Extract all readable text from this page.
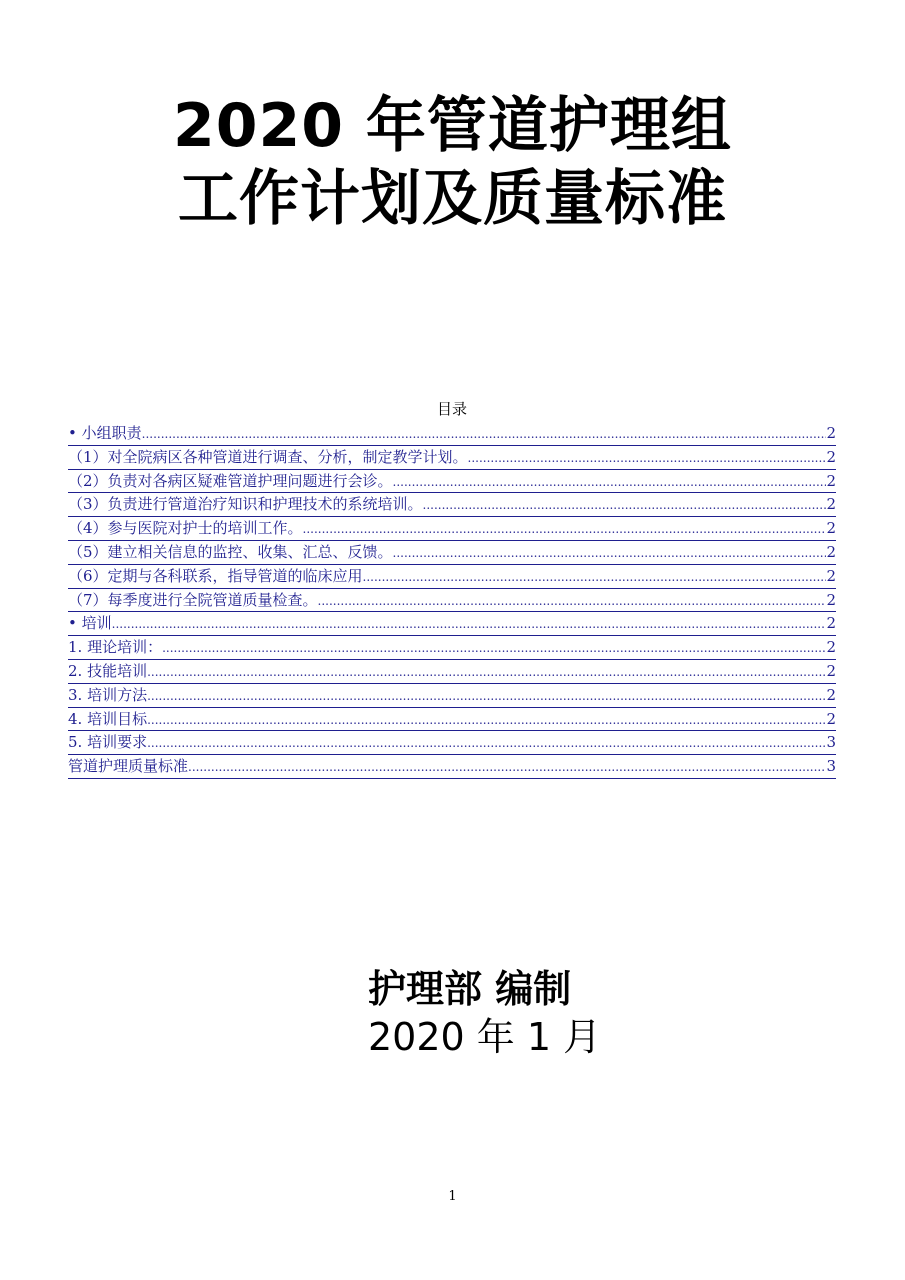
2020 年管道护理组
工作计划及质量标准
目录
• 小组职责 .....	2
（1）对全院病区各种管道进行调查、分析，制定教学计划。 .....	2
（2）负责对各病区疑难管道护理问题进行会诊。 .....	2
（3）负责进行管道治疗知识和护理技术的系统培训。 .....	2
（4）参与医院对护士的培训工作。 .....	2
（5）建立相关信息的监控、收集、汇总、反馈。 .....	2
（6）定期与各科联系，指导管道的临床应用 .....	2
（7）每季度进行全院管道质量检查。 .....	2
• 培训 .....	2
1. 理论培训： .....	2
2. 技能培训 .....	2
3. 培训方法 .....	2
4. 培训目标 .....	2
5. 培训要求 .....	3
管道护理质量标准 .....	3
护理部 编制
2020 年 1 月
1
